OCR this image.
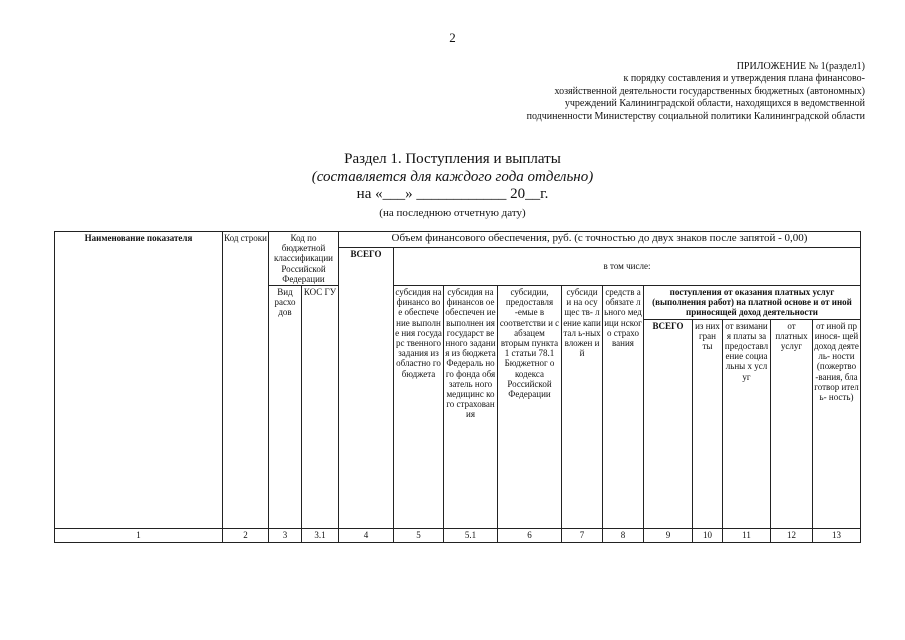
2
ПРИЛОЖЕНИЕ № 1(раздел1)
к порядку составления и утверждения плана финансово-
хозяйственной деятельности государственных бюджетных (автономных)
учреждений Калининградской области, находящихся в ведомственной
подчиненности Министерству социальной политики Калининградской области
Раздел 1. Поступления и выплаты
(составляется для каждого года отдельно)
на «___» ____________ 20__г.
(на последнюю отчетную дату)
Наименование показателя	Код строки	Код по бюджетной классификации Российской Федерации		Объем финансового обеспечения, руб. (с точностью до двух знаков после запятой - 0,00)										
				ВСЕГО	в том числе:									
		Вид расхо дов	КОС ГУ		субсидия на финансо вое обеспече ние выполне ния государс твенного задания из областно го бюджета	субсидия на финансов ое обеспечен ие выполнен ия государст венного задания из бюджета Федераль ного фонда обязатель ного медицинс кого страхован ия	субсидии, предоставля -емые в соответстви и с абзацем вторым пункта 1 статьи 78.1 Бюджетног о кодекса Российской Федерации	субсиди и на осущес тв- ление капитал ь-ных вложен ий	средств а обязате льного медици нского страхо вания	поступления от оказания платных услуг (выполнения работ) на платной основе и от иной приносящей доход деятельности				
										ВСЕГО	из них гран ты	от взимания платы за предоставл ение социальны х услуг	от платных услуг	от иной принося- щей доход деятель- ности (пожертво -вания, благотвор итель- ность)
1	2	3	3.1	4	5	5.1	6	7	8	9	10	11	12	13
